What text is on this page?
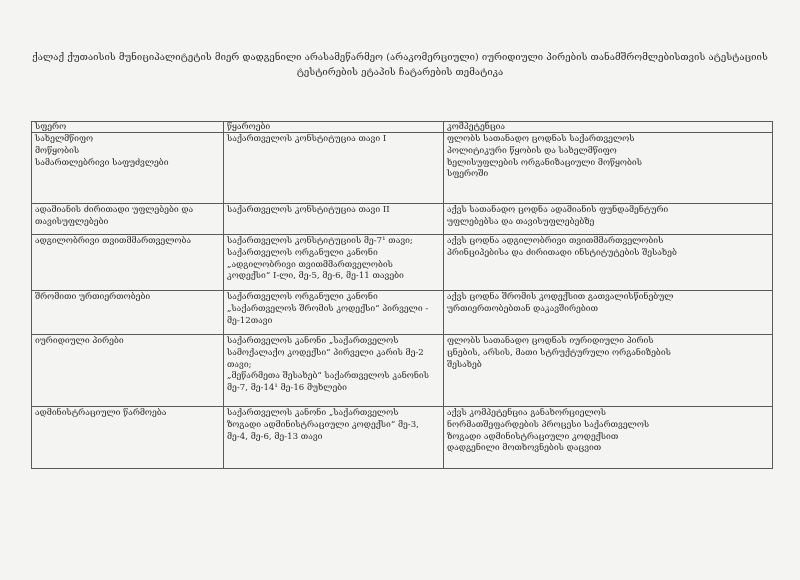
ქალაქ ქუთაისის მუნიციპალიტეტის მიერ დადგენილი არასამეწარმეო (არაკომერციული) იურიდიული პირების თანამშრომლებისთვის ატესტაციის
ტესტირების ეტაპის ჩატარების თემატიკა
სფერო	წყაროები	კომპეტენცია

სახელმწიფო
მოწყობის
სამართლებრივი საფუძვლები	საქართველოს კონსტიტუცია თავი I	ფლობს სათანადო ცოდნას საქართველოს
პოლიტიკური წყობის და სახელმწიფო
ხელისუფლების ორგანიზაციული მოწყობის
სფეროში

ადამიანის ძირითადი უფლებები და
თავისუფლებები	საქართველოს კონსტიტუცია თავი II	აქვს სათანადო ცოდნა ადამიანის ფუნდამენტური
უფლებებსა და თავისუფლებებზე

ადგილობრივი თვითმმართველობა	საქართველოს კონსტიტუციის მე-7¹ თავი;
საქართველოს ორგანული კანონი
„ადგილობრივი თვითმმართველობის
კოდექსი“ I-ლი, მე-5, მე-6, მე-11 თავები	აქვს ცოდნა ადგილობრივი თვითმმართველობის
პრინციპებისა და ძირითადი ინსტიტუტების შესახებ

შრომითი ურთიერთობები	საქართველოს ორგანული კანონი
„საქართველოს შრომის კოდექსი“ პირველი -
მე-12თავი	აქვს ცოდნა შრომის კოდექსით გათვალისწინებულ
ურთიერთობებთან დაკავშირებით

იურიდიული პირები	საქართველოს კანონი „საქართველოს
სამოქალაქო კოდექსი“ პირველი კარის მე-2
თავი;
„მეწარმეთა შესახებ“ საქართველოს კანონის
მე-7, მე-14¹ მე-16 მუხლები	ფლობს სათანადო ცოდნას იურიდიული პირის
ცნების, არსის, მათი სტრუქტურული ორგანიზების
შესახებ

ადმინისტრაციული წარმოება	საქართველოს კანონი „საქართველოს
ზოგადი ადმინისტრაციული კოდექსი“ მე-3,
მე-4, მე-6, მე-13 თავი	აქვს კომპეტენცია განახორციელოს
ნორმათშეფარდების პროცესი საქართველოს
ზოგადი ადმინისტრაციული კოდექსით
დადგენილი მოთხოვნების დაცვით
